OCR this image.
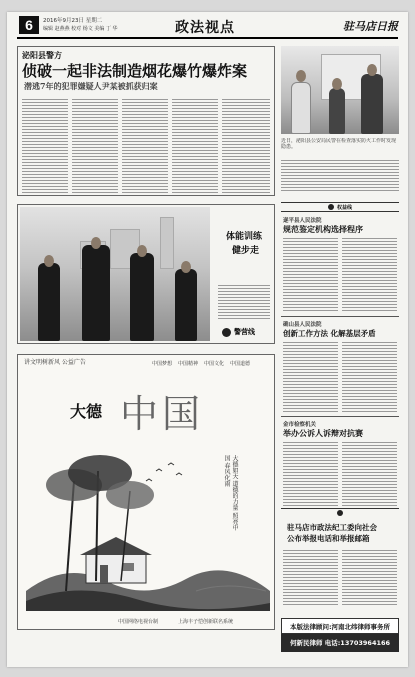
6	2016年9月23日 星期二
编辑 赵燕燕 校对 杨文 美编 丁 华	政法视点	驻马店日报
泌阳县警方
侦破一起非法制造烟花爆竹爆炸案
潜逃7年的犯罪嫌疑人尹某被抓获归案
近日，泌阳县公安局民警在检查落实防火工作时发现隐患。
体能训练
健步走
警营线
权益线
遂平县人民法院
规范鉴定机构选择程序
确山县人民法院
创新工作方法 化解基层矛盾
金市检察机关
举办公诉人诉辩对抗赛
驻马店市政法纪工委向社会
公布举报电话和举报邮箱
讲文明树新风 公益广告	中国梦想 中国精神 中国文化 中国道德
大德 中国
大德如天 道德的力量 照亮中国 春风化雨
中国网络电视台制	上海丰子恺创新联名系统
本版法律顾问:河南北纬律师事务所
何新民律师 电话:13703964166
